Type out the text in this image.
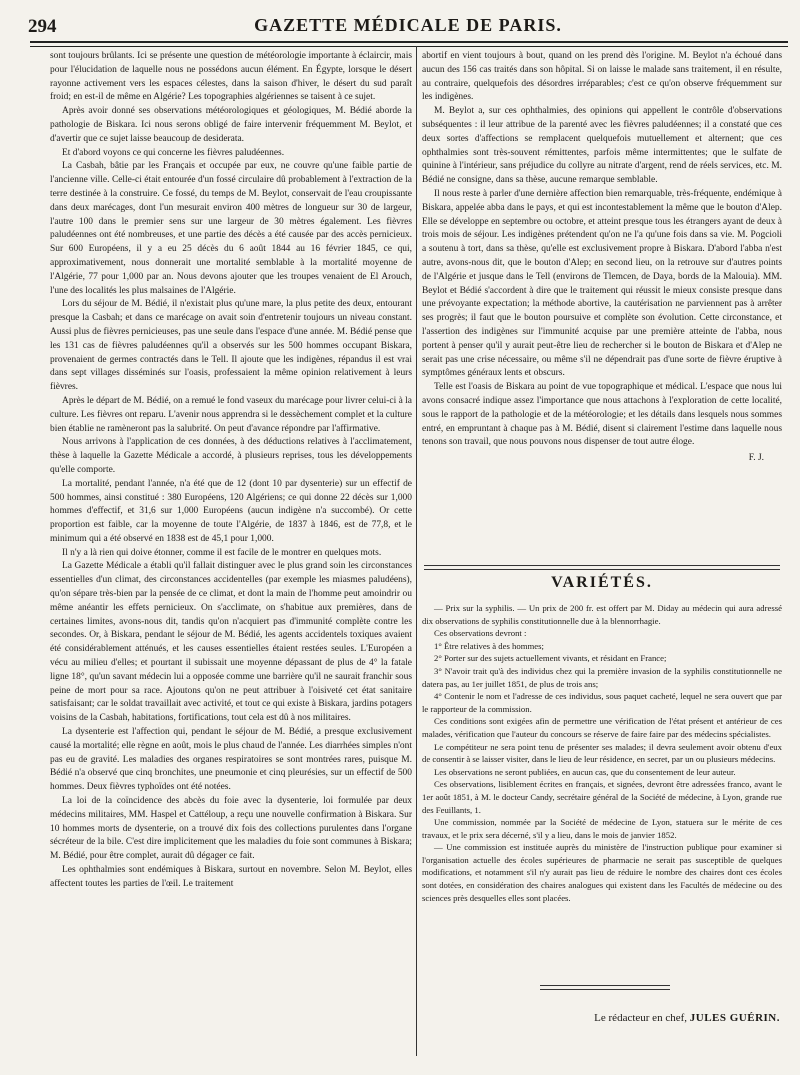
294	GAZETTE MÉDICALE DE PARIS.

sont toujours brûlants. Ici se présente une question de météorologie importante à éclaircir, mais pour l'élucidation de laquelle nous ne possédons aucun élément. En Égypte, lorsque le désert rayonne activement vers les espaces célestes, dans la saison d'hiver, le désert du sud paraît froid; en est-il de même en Algérie? Les topographies algériennes se taisent à ce sujet.

Après avoir donné ses observations météorologiques et géologiques, M. Bédié aborde la pathologie de Biskara. Ici nous serons obligé de faire intervenir fréquemment M. Beylot, et d'avertir que ce sujet laisse beaucoup de desiderata.

Et d'abord voyons ce qui concerne les fièvres paludéennes.

La Casbah, bâtie par les Français et occupée par eux, ne couvre qu'une faible partie de l'ancienne ville. Celle-ci était entourée d'un fossé circulaire dû probablement à l'extraction de la terre destinée à la construire. Ce fossé, du temps de M. Beylot, conservait de l'eau croupissante dans deux marécages, dont l'un mesurait environ 400 mètres de longueur sur 30 de largeur, l'autre 100 dans le premier sens sur une largeur de 30 mètres également. Les fièvres paludéennes ont été nombreuses, et une partie des décès a été causée par des accès pernicieux. Sur 600 Européens, il y a eu 25 décès du 6 août 1844 au 16 février 1845, ce qui, approximativement, nous donnerait une mortalité semblable à la mortalité moyenne de l'Algérie, 77 pour 1,000 par an. Nous devons ajouter que les troupes venaient de El Arouch, l'une des localités les plus malsaines de l'Algérie.

Lors du séjour de M. Bédié, il n'existait plus qu'une mare, la plus petite des deux, entourant presque la Casbah; et dans ce marécage on avait soin d'entretenir toujours un niveau constant. Aussi plus de fièvres pernicieuses, pas une seule dans l'espace d'une année. M. Bédié pense que les 131 cas de fièvres paludéennes qu'il a observés sur les 500 hommes occupant Biskara, provenaient de germes contractés dans le Tell. Il ajoute que les indigènes, répandus il est vrai dans sept villages disséminés sur l'oasis, professaient la même opinion relativement à leurs fièvres.

Après le départ de M. Bédié, on a remué le fond vaseux du marécage pour livrer celui-ci à la culture. Les fièvres ont reparu. L'avenir nous apprendra si le dessèchement complet et la culture bien établie ne ramèneront pas la salubrité. On peut d'avance répondre par l'affirmative.

Nous arrivons à l'application de ces données, à des déductions relatives à l'acclimatement, thèse à laquelle la Gazette Médicale a accordé, à plusieurs reprises, tous les développements qu'elle comporte.

La mortalité, pendant l'année, n'a été que de 12 (dont 10 par dysenterie) sur un effectif de 500 hommes, ainsi constitué : 380 Européens, 120 Algériens; ce qui donne 22 décès sur 1,000 hommes d'effectif, et 31,6 sur 1,000 Européens (aucun indigène n'a succombé). Or cette proportion est faible, car la moyenne de toute l'Algérie, de 1837 à 1846, est de 77,8, et le minimum qui a été observé en 1838 est de 45,1 pour 1,000.

Il n'y a là rien qui doive étonner, comme il est facile de le montrer en quelques mots.

La Gazette Médicale a établi qu'il fallait distinguer avec le plus grand soin les circonstances essentielles d'un climat, des circonstances accidentelles (par exemple les miasmes paludéens), qu'on sépare très-bien par la pensée de ce climat, et dont la main de l'homme peut amoindrir ou même anéantir les effets pernicieux. On s'acclimate, on s'habitue aux premières, dans de certaines limites, avons-nous dit, tandis qu'on n'acquiert pas d'immunité complète contre les secondes. Or, à Biskara, pendant le séjour de M. Bédié, les agents accidentels toxiques avaient été considérablement atténués, et les causes essentielles étaient restées seules. L'Européen a vécu au milieu d'elles; et pourtant il subissait une moyenne dépassant de plus de 4° la fatale ligne 18°, qu'un savant médecin lui a opposée comme une barrière qu'il ne saurait franchir sous peine de mort pour sa race. Ajoutons qu'on ne peut attribuer à l'oisiveté cet état sanitaire satisfaisant; car le soldat travaillait avec activité, et tout ce qui existe à Biskara, jardins potagers voisins de la Casbah, habitations, fortifications, tout cela est dû à nos militaires.

La dysenterie est l'affection qui, pendant le séjour de M. Bédié, a presque exclusivement causé la mortalité; elle règne en août, mois le plus chaud de l'année. Les diarrhées simples n'ont pas eu de gravité. Les maladies des organes respiratoires se sont montrées rares, puisque M. Bédié n'a observé que cinq bronchites, une pneumonie et cinq pleurésies, sur un effectif de 500 hommes. Deux fièvres typhoïdes ont été notées.

La loi de la coïncidence des abcès du foie avec la dysenterie, loi formulée par deux médecins militaires, MM. Haspel et Cattéloup, a reçu une nouvelle confirmation à Biskara. Sur 10 hommes morts de dysenterie, on a trouvé dix fois des collections purulentes dans l'organe sécréteur de la bile. C'est dire implicitement que les maladies du foie sont communes à Biskara; M. Bédié, pour être complet, aurait dû dégager ce fait.

Les ophthalmies sont endémiques à Biskara, surtout en novembre. Selon M. Beylot, elles affectent toutes les parties de l'œil. Le traitement

abortif en vient toujours à bout, quand on les prend dès l'origine. M. Beylot n'a échoué dans aucun des 156 cas traités dans son hôpital. Si on laisse le malade sans traitement, il en résulte, au contraire, quelquefois des désordres irréparables; c'est ce qu'on observe fréquemment sur les indigènes.

M. Beylot a, sur ces ophthalmies, des opinions qui appellent le contrôle d'observations subséquentes : il leur attribue de la parenté avec les fièvres paludéennes; il a constaté que ces deux sortes d'affections se remplacent quelquefois mutuellement et alternent; que ces ophthalmies sont très-souvent rémittentes, parfois même intermittentes; que le sulfate de quinine à l'intérieur, sans préjudice du collyre au nitrate d'argent, rend de réels services, etc. M. Bédié ne consigne, dans sa thèse, aucune remarque semblable.

Il nous reste à parler d'une dernière affection bien remarquable, très-fréquente, endémique à Biskara, appelée abba dans le pays, et qui est incontestablement la même que le bouton d'Alep. Elle se développe en septembre ou octobre, et atteint presque tous les étrangers ayant de deux à trois mois de séjour. Les indigènes prétendent qu'on ne l'a qu'une fois dans sa vie. M. Pogcioli a soutenu à tort, dans sa thèse, qu'elle est exclusivement propre à Biskara. D'abord l'abba n'est autre, avons-nous dit, que le bouton d'Alep; en second lieu, on la retrouve sur d'autres points de l'Algérie et jusque dans le Tell (environs de Tlemcen, de Daya, bords de la Malouia). MM. Beylot et Bédié s'accordent à dire que le traitement qui réussit le mieux consiste presque dans une prévoyante expectation; la méthode abortive, la cautérisation ne parviennent pas à arrêter ses progrès; il faut que le bouton poursuive et complète son évolution. Cette circonstance, et l'assertion des indigènes sur l'immunité acquise par une première atteinte de l'abba, nous portent à penser qu'il y aurait peut-être lieu de rechercher si le bouton de Biskara et d'Alep ne serait pas une crise nécessaire, ou même s'il ne dépendrait pas d'une sorte de fièvre éruptive à symptômes généraux lents et obscurs.

Telle est l'oasis de Biskara au point de vue topographique et médical. L'espace que nous lui avons consacré indique assez l'importance que nous attachons à l'exploration de cette localité, sous le rapport de la pathologie et de la météorologie; et les détails dans lesquels nous sommes entré, en empruntant à chaque pas à M. Bédié, disent si clairement l'estime dans laquelle nous tenons son travail, que nous pouvons nous dispenser de tout autre éloge.

F. J.
VARIÉTÉS.

— Prix sur la syphilis. — Un prix de 200 fr. est offert par M. Diday au médecin qui aura adressé dix observations de syphilis constitutionnelle due à la blennorrhagie.

Ces observations devront :

1° Être relatives à des hommes;

2° Porter sur des sujets actuellement vivants, et résidant en France;

3° N'avoir trait qu'à des individus chez qui la première invasion de la syphilis constitutionnelle ne datera pas, au 1er juillet 1851, de plus de trois ans;

4° Contenir le nom et l'adresse de ces individus, sous paquet cacheté, lequel ne sera ouvert que par le rapporteur de la commission.

Ces conditions sont exigées afin de permettre une vérification de l'état présent et antérieur de ces malades, vérification que l'auteur du concours se réserve de faire faire par des médecins spécialistes.

Le compétiteur ne sera point tenu de présenter ses malades; il devra seulement avoir obtenu d'eux de consentir à se laisser visiter, dans le lieu de leur résidence, en secret, par un ou plusieurs médecins.

Les observations ne seront publiées, en aucun cas, que du consentement de leur auteur.

Ces observations, lisiblement écrites en français, et signées, devront être adressées franco, avant le 1er août 1851, à M. le docteur Candy, secrétaire général de la Société de médecine, à Lyon, grande rue des Feuillants, 1.

Une commission, nommée par la Société de médecine de Lyon, statuera sur le mérite de ces travaux, et le prix sera décerné, s'il y a lieu, dans le mois de janvier 1852.

— Une commission est instituée auprès du ministère de l'instruction publique pour examiner si l'organisation actuelle des écoles supérieures de pharmacie ne serait pas susceptible de quelques modifications, et notamment s'il n'y aurait pas lieu de réduire le nombre des chaires dont ces écoles sont dotées, en considération des chaires analogues qui existent dans les Facultés de médecine ou des sciences près desquelles elles sont placées.

Le rédacteur en chef, JULES GUÉRIN.
